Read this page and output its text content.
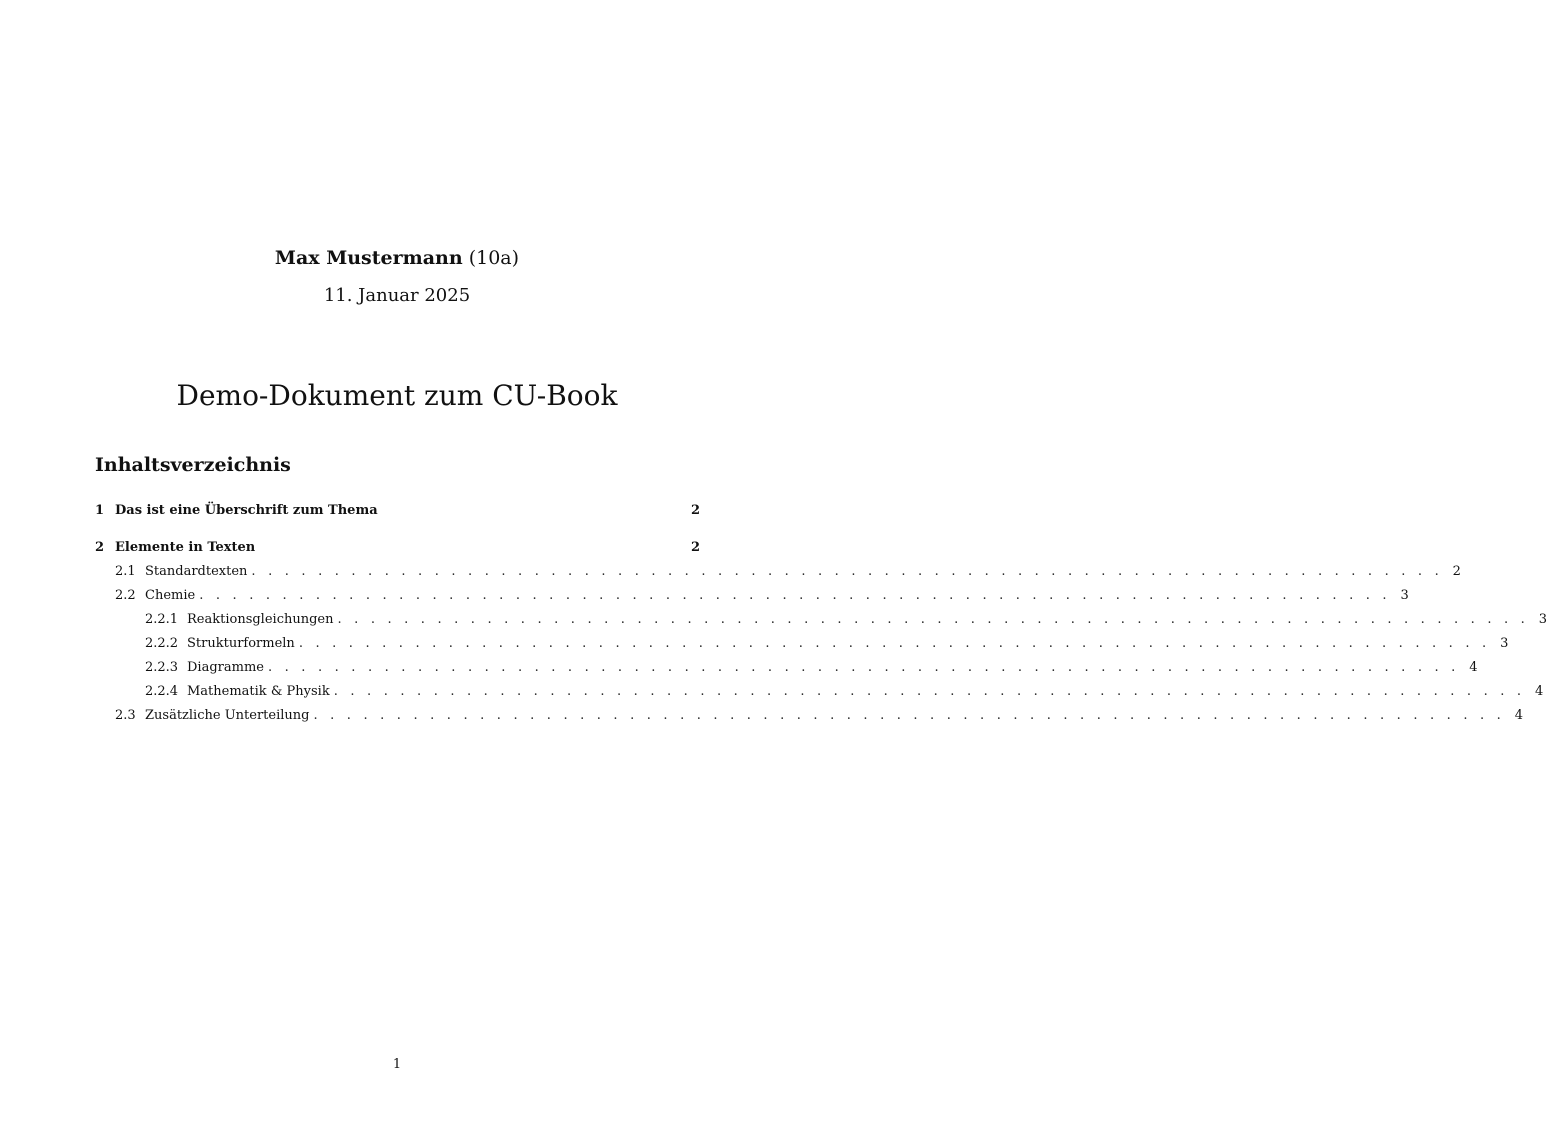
Max Mustermann (10a)
11. Januar 2025
Demo-Dokument zum CU-Book
Inhaltsverzeichnis
1 Das ist eine Überschrift zum Thema	2
2 Elemente in Texten	2
2.1 Standardtexten . . . . . . . . . . . . . . . . . . . . . . . . . . . . . . . . . . . . . . . . . . . . . . . . . . . . . . . . . . . . . . . . . . . . . . . . 2
2.2 Chemie . . . . . . . . . . . . . . . . . . . . . . . . . . . . . . . . . . . . . . . . . . . . . . . . . . . . . . . . . . . . . . . . . . . . . . . . 3
2.2.1 Reaktionsgleichungen . . . . . . . . . . . . . . . . . . . . . . . . . . . . . . . . . . . . . . . . . . . . . . . . . . . . . . . . . . . . . . . . . . . . . . . . 3
2.2.2 Strukturformeln . . . . . . . . . . . . . . . . . . . . . . . . . . . . . . . . . . . . . . . . . . . . . . . . . . . . . . . . . . . . . . . . . . . . . . . . 3
2.2.3 Diagramme . . . . . . . . . . . . . . . . . . . . . . . . . . . . . . . . . . . . . . . . . . . . . . . . . . . . . . . . . . . . . . . . . . . . . . . . 4
2.2.4 Mathematik & Physik . . . . . . . . . . . . . . . . . . . . . . . . . . . . . . . . . . . . . . . . . . . . . . . . . . . . . . . . . . . . . . . . . . . . . . . . 4
2.3 Zusätzliche Unterteilung . . . . . . . . . . . . . . . . . . . . . . . . . . . . . . . . . . . . . . . . . . . . . . . . . . . . . . . . . . . . . . . . . . . . . . . . 4
1
